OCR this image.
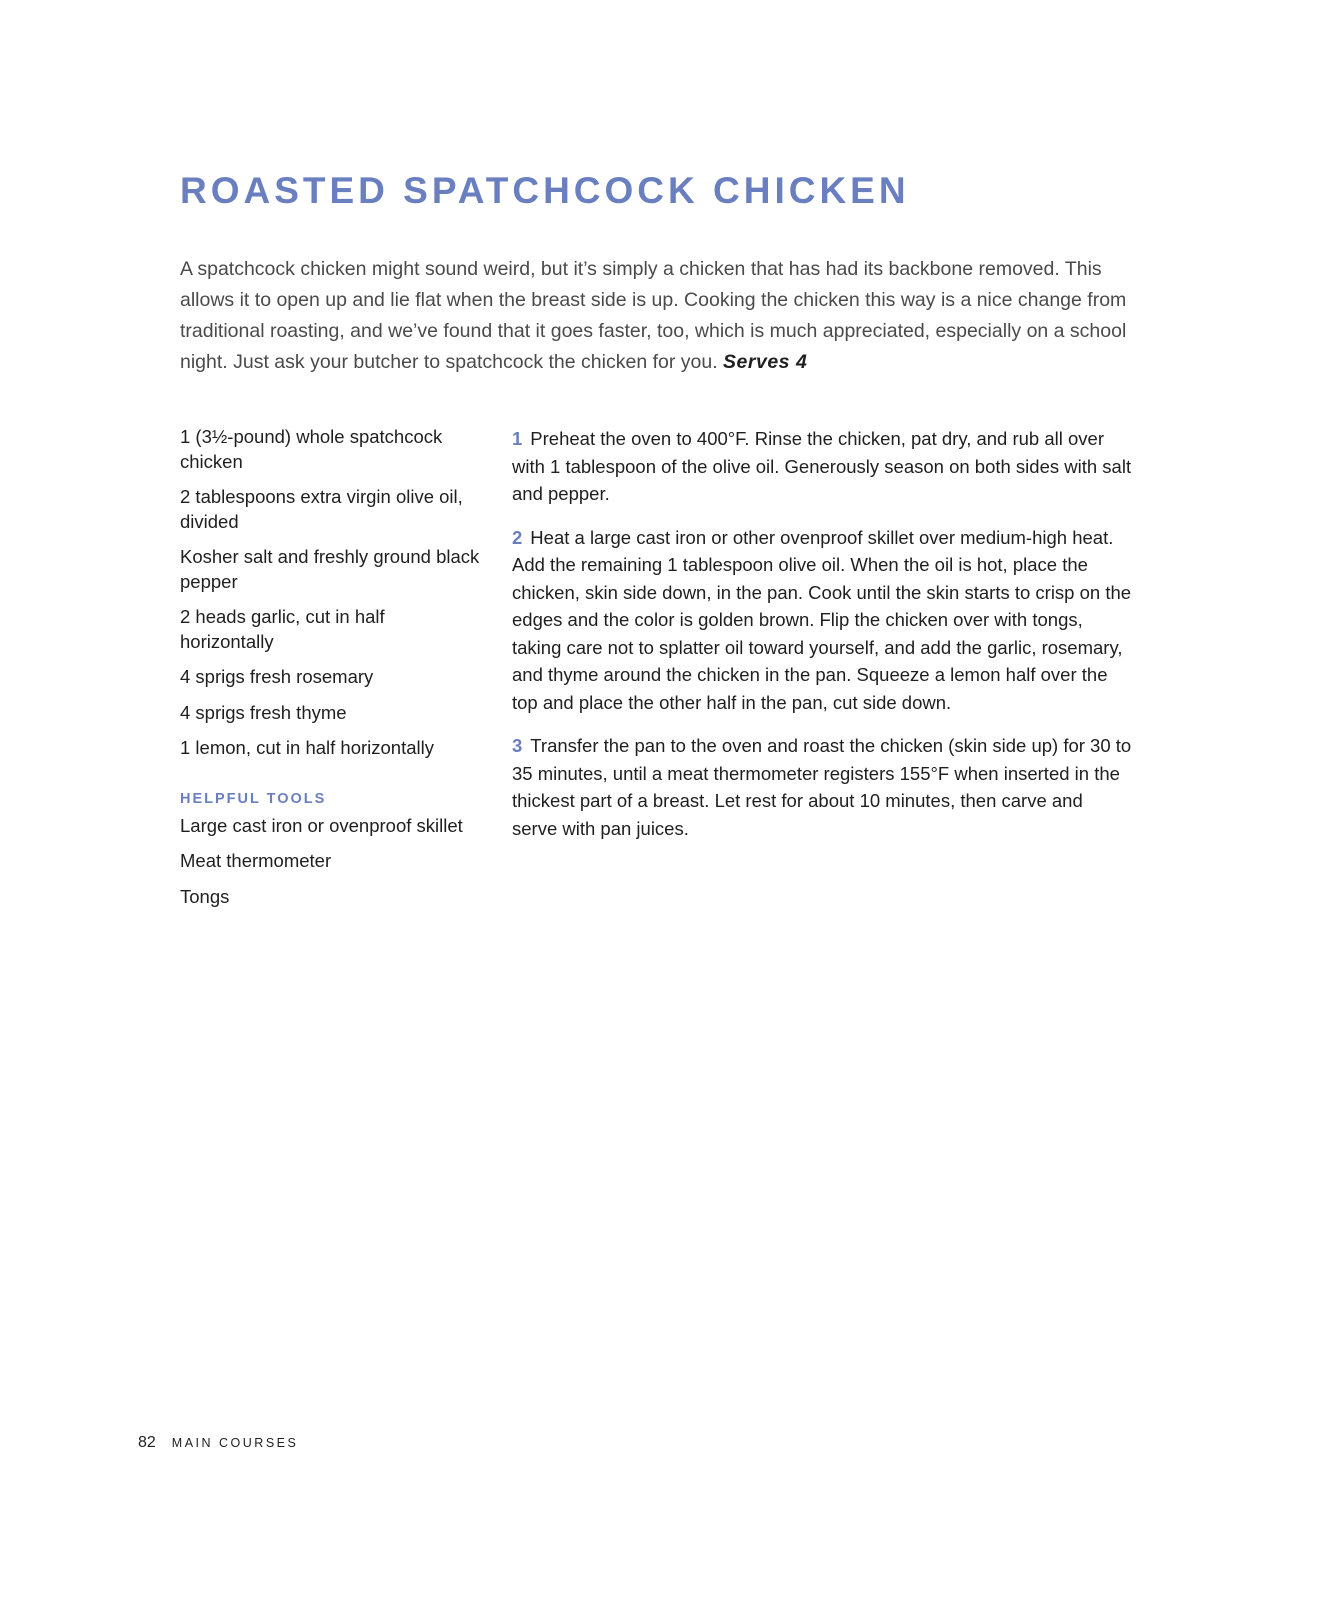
ROASTED SPATCHCOCK CHICKEN

A spatchcock chicken might sound weird, but it’s simply a chicken that has had its backbone removed. This allows it to open up and lie flat when the breast side is up. Cooking the chicken this way is a nice change from traditional roasting, and we’ve found that it goes faster, too, which is much appreciated, especially on a school night. Just ask your butcher to spatchcock the chicken for you. Serves 4

1 (3½-pound) whole spatchcock chicken
2 tablespoons extra virgin olive oil, divided
Kosher salt and freshly ground black pepper
2 heads garlic, cut in half horizontally
4 sprigs fresh rosemary
4 sprigs fresh thyme
1 lemon, cut in half horizontally
HELPFUL TOOLS
Large cast iron or ovenproof skillet
Meat thermometer
Tongs

1 Preheat the oven to 400°F. Rinse the chicken, pat dry, and rub all over with 1 tablespoon of the olive oil. Generously season on both sides with salt and pepper.

2 Heat a large cast iron or other ovenproof skillet over medium-high heat. Add the remaining 1 tablespoon olive oil. When the oil is hot, place the chicken, skin side down, in the pan. Cook until the skin starts to crisp on the edges and the color is golden brown. Flip the chicken over with tongs, taking care not to splatter oil toward yourself, and add the garlic, rosemary, and thyme around the chicken in the pan. Squeeze a lemon half over the top and place the other half in the pan, cut side down.

3 Transfer the pan to the oven and roast the chicken (skin side up) for 30 to 35 minutes, until a meat thermometer registers 155°F when inserted in the thickest part of a breast. Let rest for about 10 minutes, then carve and serve with pan juices.

82 MAIN COURSES
